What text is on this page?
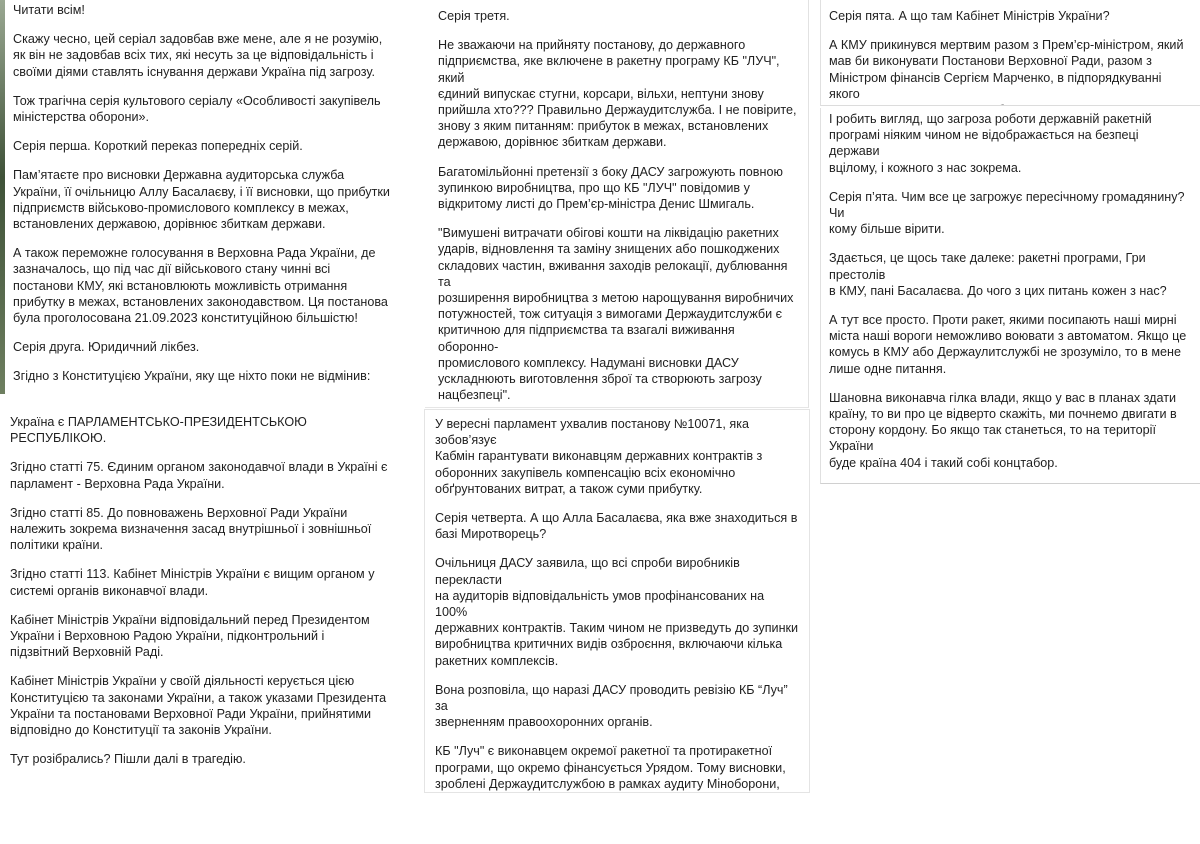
Читати всім!

Скажу чесно, цей серіал задовбав вже мене, але я не розумію,
як він не задовбав всіх тих, які несуть за це відповідальність і
своїми діями ставлять існування держави Україна під загрозу.

Тож трагічна серія культового серіалу «Особливості закупівель
міністерства оборони».

Серія перша. Короткий переказ попередніх серій.

Пам’ятаєте про висновки Державна аудиторська служба
України, її очільницю Аллу Басалаєву, і її висновки, що прибутки
підприємств військово-промислового комплексу в межах,
встановлених державою, дорівнює збиткам держави.

А також переможне голосування в Верховна Рада України, де
зазначалось, що під час дії військового стану чинні всі
постанови КМУ, які встановлюють можливість отримання
прибутку в межах, встановлених законодавством. Ця постанова
була проголосована 21.09.2023 конституційною більшістю!

Серія друга. Юридичний лікбез.

Згідно з Конституцією України, яку ще ніхто поки не відмінив:

Україна є ПАРЛАМЕНТСЬКО-ПРЕЗИДЕНТСЬКОЮ РЕСПУБЛІКОЮ.

Згідно статті 75. Єдиним органом законодавчої влади в Україні є
парламент - Верховна Рада України.

Згідно статті 85. До повноважень Верховної Ради України
належить зокрема визначення засад внутрішньої і зовнішньої
політики країни.

Згідно статті 113. Кабінет Міністрів України є вищим органом у
системі органів виконавчої влади.

Кабінет Міністрів України відповідальний перед Президентом
України і Верховною Радою України, підконтрольний і
підзвітний Верховній Раді.

Кабінет Міністрів України у своїй діяльності керується цією
Конституцією та законами України, а також указами Президента
України та постановами Верховної Ради України, прийнятими
відповідно до Конституції та законів України.

Тут розібрались? Пішли далі в трагедію.

Серія третя.

Не зважаючи на прийняту постанову, до державного
підприємства, яке включене в ракетну програму КБ "ЛУЧ", який
єдиний випускає стугни, корсари, вільхи, нептуни знову
прийшла хто??? Правильно Держаудитслужба. І не повірите,
знову з яким питанням: прибуток в межах, встановлених
державою, дорівнює збиткам держави.

Багатомільйонні претензії з боку ДАСУ загрожують повною
зупинкою виробництва, про що КБ "ЛУЧ" повідомив у
відкритому листі до Прем’єр-міністра Денис Шмигаль.

"Вимушені витрачати обігові кошти на ліквідацію ракетних
ударів, відновлення та заміну знищених або пошкоджених
складових частин, вживання заходів релокації, дублювання та
розширення виробництва з метою нарощування виробничих
потужностей, тож ситуація з вимогами Держаудитслужби є
критичною для підприємства та взагалі виживання оборонно-
промислового комплексу. Надумані висновки ДАСУ
ускладнюють виготовлення зброї та створюють загрозу
нацбезпеці".

У вересні парламент ухвалив постанову №10071, яка зобов’язує
Кабмін гарантувати виконавцям державних контрактів з
оборонних закупівель компенсацію всіх економічно
обґрунтованих витрат, а також суми прибутку.

Серія четверта. А що Алла Басалаєва, яка вже знаходиться в
базі Миротворець?

Очільниця ДАСУ заявила, що всі спроби виробників перекласти
на аудиторів відповідальність умов профінансованих на 100%
державних контрактів. Таким чином не призведуть до зупинки
виробництва критичних видів озброєння, включаючи кілька
ракетних комплексів.

Вона розповіла, що наразі ДАСУ проводить ревізію КБ “Луч” за
зверненням правоохоронних органів.

КБ "Луч" є виконавцем окремої ракетної та протиракетної
програми, що окремо фінансується Урядом. Тому висновки,
зроблені Держаудитслужбою в рамках аудиту Міноборони,

Серія пята. А що там Кабінет Міністрів України?

А КМУ прикинувся мертвим разом з Прем’єр-міністром, який
мав би виконувати Постанови Верховної Ради, разом з
Міністром фінансів Сергієм Марченко, в підпорядкуванні якого

І робить вигляд, що загроза роботи державній ракетній
програмі ніяким чином не відображається на безпеці держави
вцілому, і кожного з нас зокрема.

Серія п’ята. Чим все це загрожує пересічному громадянину? Чи
кому більше вірити.

Здається, це щось таке далеке: ракетні програми, Гри престолів
в КМУ, пані Басалаєва. До чого з цих питань кожен з нас?

А тут все просто. Проти ракет, якими посипають наші мирні
міста наші вороги неможливо воювати з автоматом. Якщо це
комусь в КМУ або Держаулитслужбі не зрозуміло, то в мене
лише одне питання.

Шановна виконавча гілка влади, якщо у вас в планах здати
країну, то ви про це відверто скажіть, ми почнемо двигати в
сторону кордону. Бо якщо так станеться, то на території України
буде країна 404 і такий собі концтабор.
